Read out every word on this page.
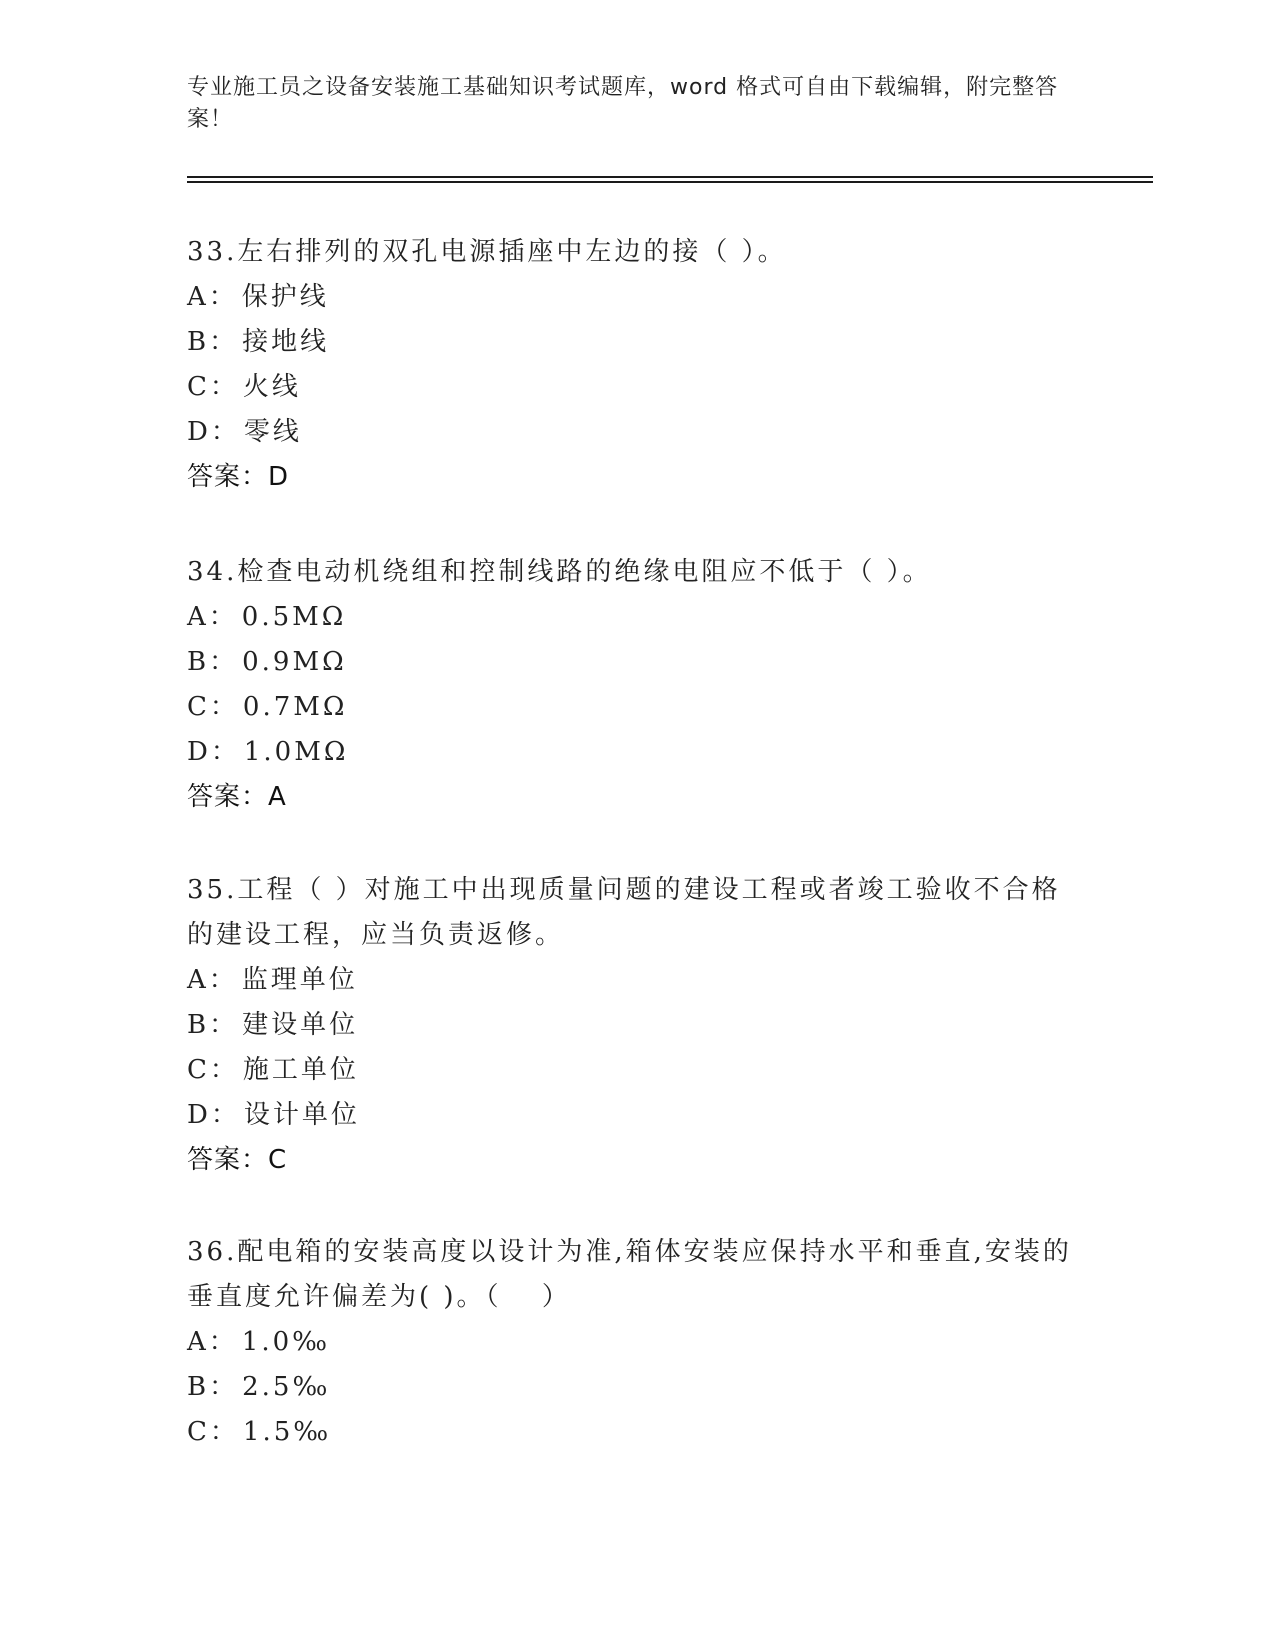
专业施工员之设备安装施工基础知识考试题库，word 格式可自由下载编辑，附完整答案！
33.左右排列的双孔电源插座中左边的接（ ）。
A： 保护线
B： 接地线
C： 火线
D： 零线
答案：D
34.检查电动机绕组和控制线路的绝缘电阻应不低于（ ）。
A： 0.5MΩ
B： 0.9MΩ
C： 0.7MΩ
D： 1.0MΩ
答案：A
35.工程（ ）对施工中出现质量问题的建设工程或者竣工验收不合格的建设工程，应当负责返修。
A： 监理单位
B： 建设单位
C： 施工单位
D： 设计单位
答案：C
36.配电箱的安装高度以设计为准,箱体安装应保持水平和垂直,安装的垂直度允许偏差为( )。（　 ）
A： 1.0‰
B： 2.5‰
C： 1.5‰
